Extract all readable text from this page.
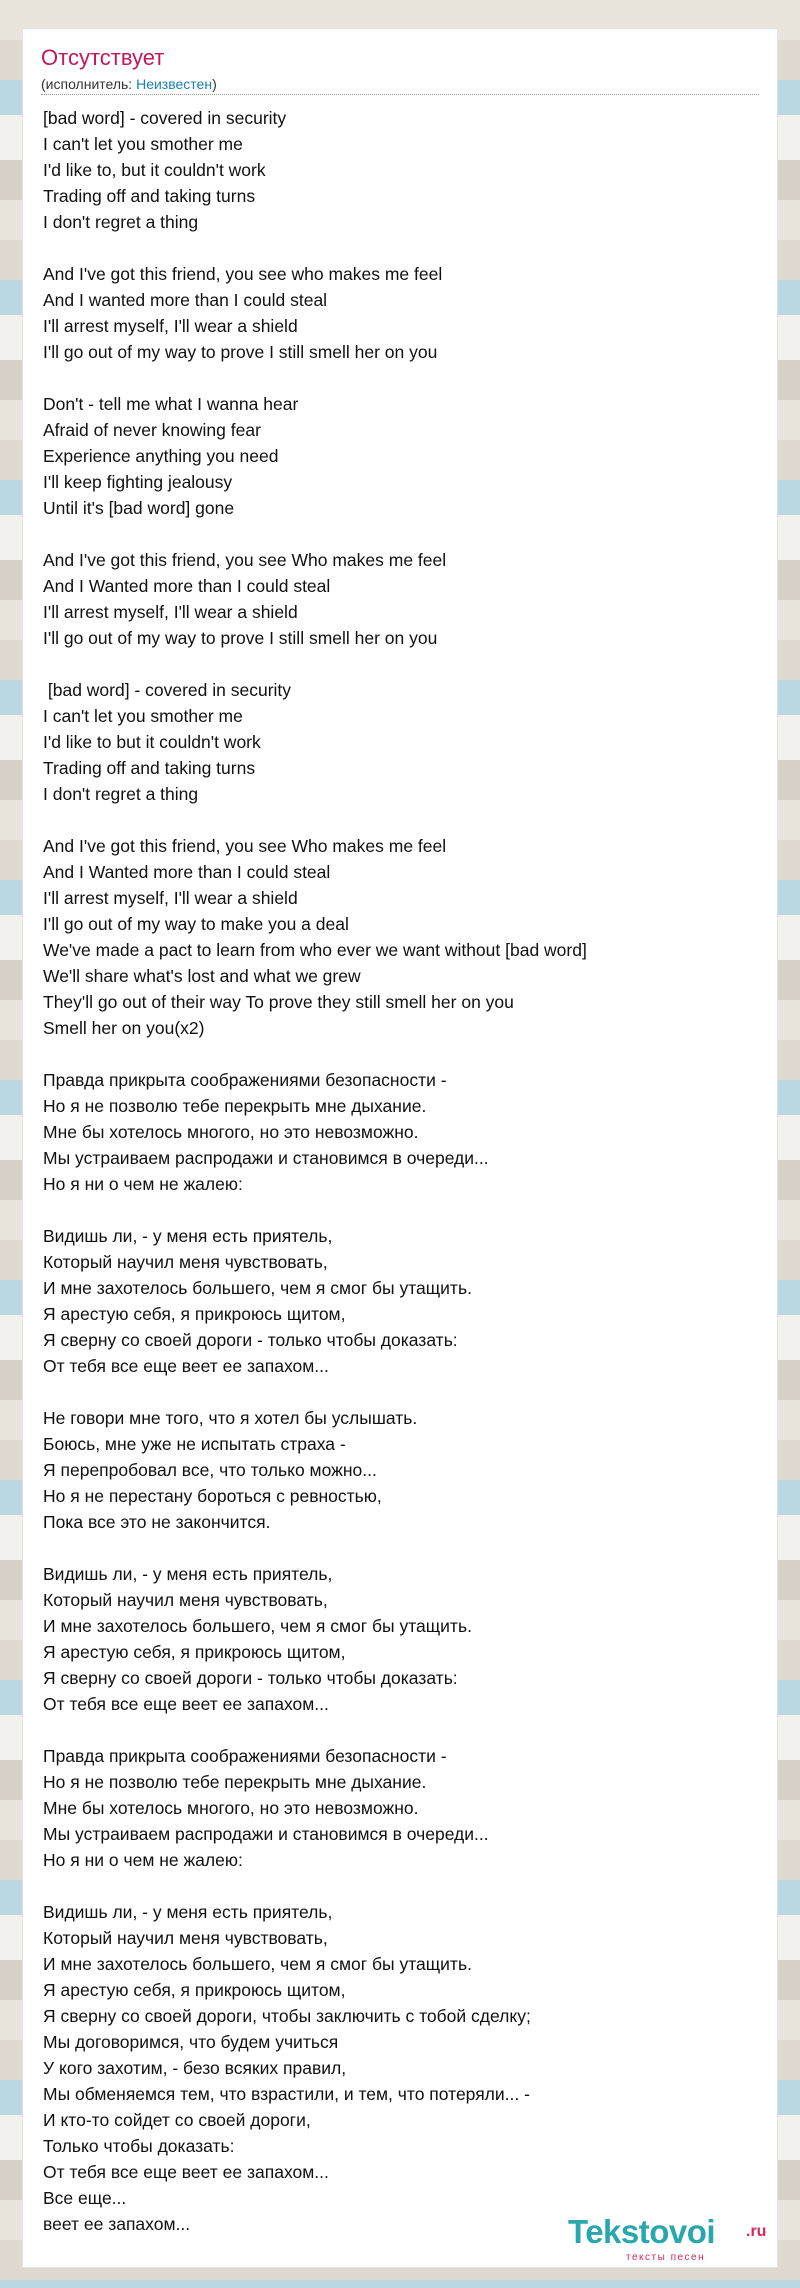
Отсутствует
(исполнитель: Неизвестен)
[bad word] - covered in security
I can't let you smother me
I'd like to, but it couldn't work
Trading off and taking turns
I don't regret a thing
And I've got this friend, you see who makes me feel
And I wanted more than I could steal
I'll arrest myself, I'll wear a shield
I'll go out of my way to prove I still smell her on you
Don't - tell me what I wanna hear
Afraid of never knowing fear
Experience anything you need
I'll keep fighting jealousy
Until it's [bad word] gone
And I've got this friend, you see Who makes me feel
And I Wanted more than I could steal
I'll arrest myself, I'll wear a shield
I'll go out of my way to prove I still smell her on you
[bad word] - covered in security
I can't let you smother me
I'd like to but it couldn't work
Trading off and taking turns
I don't regret a thing
And I've got this friend, you see Who makes me feel
And I Wanted more than I could steal
I'll arrest myself, I'll wear a shield
I'll go out of my way to make you a deal
We've made a pact to learn from who ever we want without [bad word]
We'll share what's lost and what we grew
They'll go out of their way To prove they still smell her on you
Smell her on you(x2)
Правда прикрыта соображениями безопасности -
Но я не позволю тебе перекрыть мне дыхание.
Мне бы хотелось многого, но это невозможно.
Мы устраиваем распродажи и становимся в очереди...
Но я ни о чем не жалею:
Видишь ли, - у меня есть приятель,
Который научил меня чувствовать,
И мне захотелось большего, чем я смог бы утащить.
Я арестую себя, я прикроюсь щитом,
Я сверну со своей дороги - только чтобы доказать:
От тебя все еще веет ее запахом...
Не говори мне того, что я хотел бы услышать.
Боюсь, мне уже не испытать страха -
Я перепробовал все, что только можно...
Но я не перестану бороться с ревностью,
Пока все это не закончится.
Видишь ли, - у меня есть приятель,
Который научил меня чувствовать,
И мне захотелось большего, чем я смог бы утащить.
Я арестую себя, я прикроюсь щитом,
Я сверну со своей дороги - только чтобы доказать:
От тебя все еще веет ее запахом...
Правда прикрыта соображениями безопасности -
Но я не позволю тебе перекрыть мне дыхание.
Мне бы хотелось многого, но это невозможно.
Мы устраиваем распродажи и становимся в очереди...
Но я ни о чем не жалею:
Видишь ли, - у меня есть приятель,
Который научил меня чувствовать,
И мне захотелось большего, чем я смог бы утащить.
Я арестую себя, я прикроюсь щитом,
Я сверну со своей дороги, чтобы заключить с тобой сделку;
Мы договоримся, что будем учиться
У кого захотим, - безо всяких правил,
Мы обменяемся тем, что взрастили, и тем, что потеряли... -
И кто-то сойдет со своей дороги,
Только чтобы доказать:
От тебя все еще веет ее запахом...
Все еще...
веет ее запахом...	Tekstovoi .ru
тексты песен
